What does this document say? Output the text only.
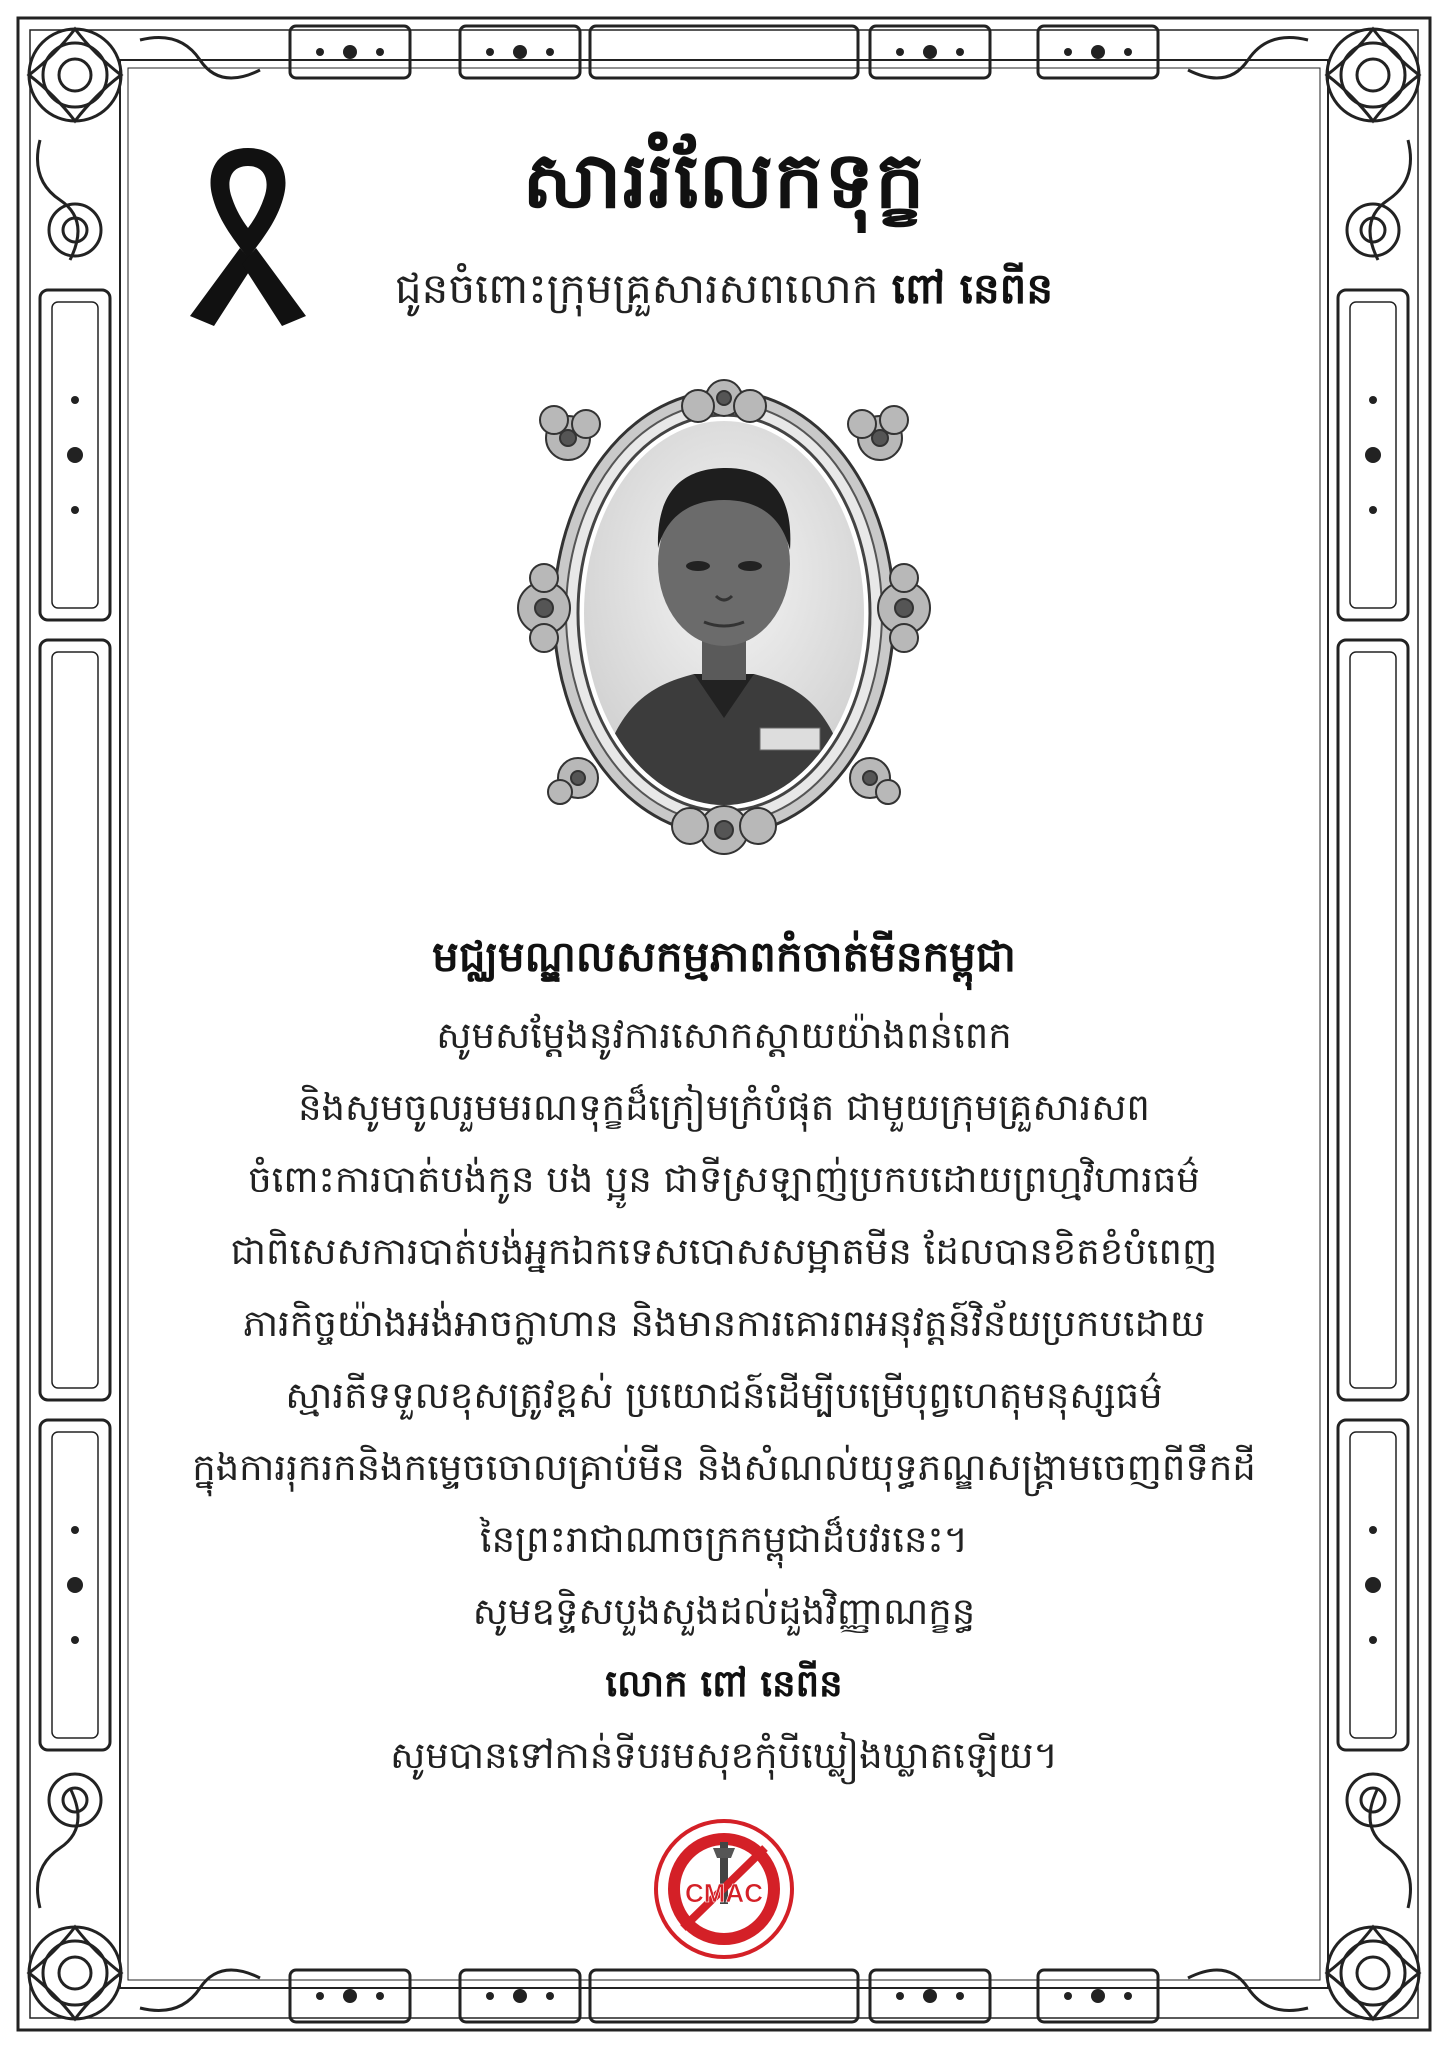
សាររំលែកទុក្ខ
ជូនចំពោះក្រុមគ្រួសារសពលោក ពៅ នេពីន
មជ្ឈមណ្ឌលសកម្មភាពកំចាត់មីនកម្ពុជា
សូមសម្តែងនូវការសោកស្តាយយ៉ាងពន់ពេក
និងសូមចូលរួមមរណទុក្ខដ៏ក្រៀមក្រំបំផុត ជាមួយក្រុមគ្រួសារសព
ចំពោះការបាត់បង់កូន បង ប្អូន ជាទីស្រឡាញ់ប្រកបដោយព្រហ្មវិហារធម៌
ជាពិសេសការបាត់បង់អ្នកឯកទេសបោសសម្អាតមីន ដែលបានខិតខំបំពេញ
ភារកិច្ចយ៉ាងអង់អាចក្លាហាន និងមានការគោរពអនុវត្តន៍វិន័យប្រកបដោយ
ស្មារតីទទួលខុសត្រូវខ្ពស់ ប្រយោជន៍ដើម្បីបម្រើបុព្វហេតុមនុស្សធម៌
ក្នុងការរុករកនិងកម្ទេចចោលគ្រាប់មីន និងសំណល់យុទ្ធភណ្ឌសង្គ្រាមចេញពីទឹកដី
នៃព្រះរាជាណាចក្រកម្ពុជាដ៏បវរនេះ។
សូមឧទ្ទិសបួងសួងដល់ដួងវិញ្ញាណក្ខន្ធ
លោក ពៅ នេពីន
សូមបានទៅកាន់ទីបរមសុខកុំបីឃ្លៀងឃ្លាតឡើយ។
CMAC
